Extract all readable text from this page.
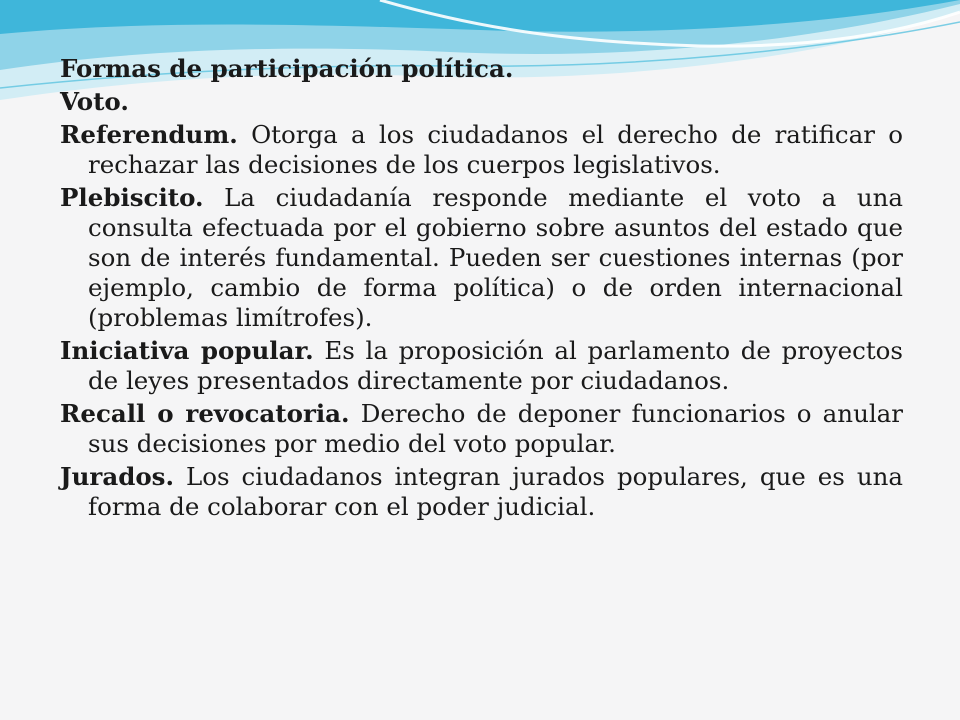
Formas de participación política.
Voto.
Referendum. Otorga a los ciudadanos el derecho de ratificar o rechazar las decisiones de los cuerpos legislativos.
Plebiscito. La ciudadanía responde mediante el voto a una consulta efectuada por el gobierno sobre asuntos del estado que son de interés fundamental. Pueden ser cuestiones internas (por ejemplo, cambio de forma política) o de orden internacional (problemas limítrofes).
Iniciativa popular. Es la proposición al parlamento de proyectos de leyes presentados directamente por ciudadanos.
Recall o revocatoria. Derecho de deponer funcionarios o anular sus decisiones por medio del voto popular.
Jurados. Los ciudadanos integran jurados populares, que es una forma de colaborar con el poder judicial.
